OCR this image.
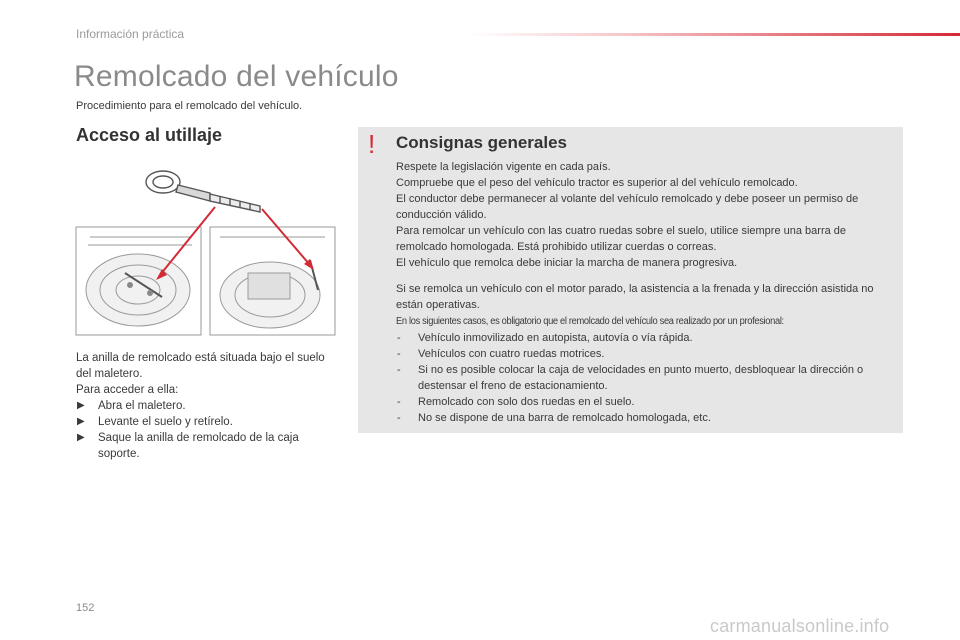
Información práctica
Remolcado del vehículo
Procedimiento para el remolcado del vehículo.
Acceso al utillaje

La anilla de remolcado está situada bajo el suelo del maletero.

Para acceder a ella:

▶ Abra el maletero.
▶ Levante el suelo y retírelo.
▶ Saque la anilla de remolcado de la caja soporte.
! Consignas generales

Respete la legislación vigente en cada país.

Compruebe que el peso del vehículo tractor es superior al del vehículo remolcado.

El conductor debe permanecer al volante del vehículo remolcado y debe poseer un permiso de conducción válido.

Para remolcar un vehículo con las cuatro ruedas sobre el suelo, utilice siempre una barra de remolcado homologada. Está prohibido utilizar cuerdas o correas.

El vehículo que remolca debe iniciar la marcha de manera progresiva.

Si se remolca un vehículo con el motor parado, la asistencia a la frenada y la dirección asistida no están operativas.

En los siguientes casos, es obligatorio que el remolcado del vehículo sea realizado por un profesional:

- Vehículo inmovilizado en autopista, autovía o vía rápida.
- Vehículos con cuatro ruedas motrices.
- Si no es posible colocar la caja de velocidades en punto muerto, desbloquear la dirección o destensar el freno de estacionamiento.
- Remolcado con solo dos ruedas en el suelo.
- No se dispone de una barra de remolcado homologada, etc.
152
carmanualsonline.info
